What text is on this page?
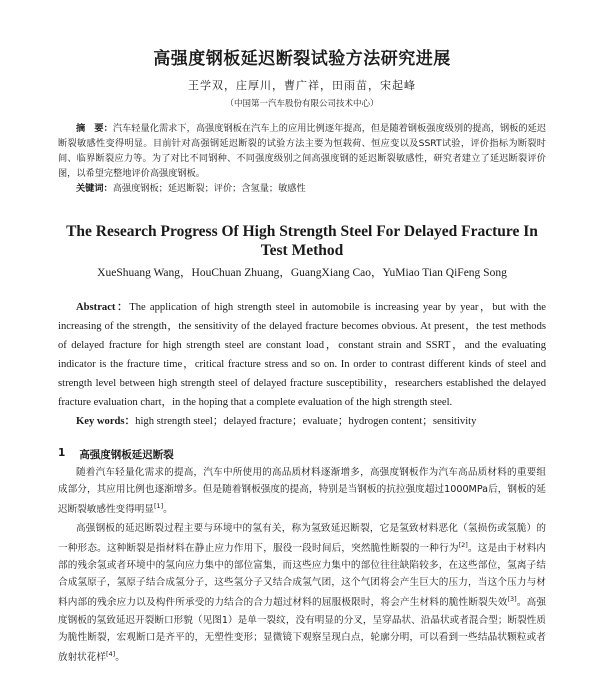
高强度钢板延迟断裂试验方法研究进展
王学双，庄厚川，曹广祥，田雨苗，宋起峰
（中国第一汽车股份有限公司技术中心）
摘　要：汽车轻量化需求下，高强度钢板在汽车上的应用比例逐年提高，但是随着钢板强度级别的提高，钢板的延迟断裂敏感性变得明显。目前针对高强钢延迟断裂的试验方法主要为恒载荷、恒应变以及SSRT试验，评价指标为断裂时间、临界断裂应力等。为了对比不同钢种、不同强度级别之间高强度钢的延迟断裂敏感性，研究者建立了延迟断裂评价图，以希望完整地评价高强度钢板。
关键词：高强度钢板；延迟断裂；评价；含氢量；敏感性
The Research Progress Of High Strength Steel For Delayed Fracture In Test Method
XueShuang Wang，HouChuan Zhuang，GuangXiang Cao，YuMiao Tian QiFeng Song
Abstract：The application of high strength steel in automobile is increasing year by year，but with the increasing of the strength，the sensitivity of the delayed fracture becomes obvious. At present，the test methods of delayed fracture for high strength steel are constant load，constant strain and SSRT，and the evaluating indicator is the fracture time，critical fracture stress and so on. In order to contrast different kinds of steel and strength level between high strength steel of delayed fracture susceptibility，researchers established the delayed fracture evaluation chart，in the hoping that a complete evaluation of the high strength steel.
Key words：high strength steel；delayed fracture；evaluate；hydrogen content；sensitivity
1 高强度钢板延迟断裂

随着汽车轻量化需求的提高，汽车中所使用的高品质材料逐渐增多，高强度钢板作为汽车高品质材料的重要组成部分，其应用比例也逐渐增多。但是随着钢板强度的提高，特别是当钢板的抗拉强度超过1000MPa后，钢板的延迟断裂敏感性变得明显[1]。

高强钢板的延迟断裂过程主要与环境中的氢有关，称为氢致延迟断裂，它是氢致材料恶化（氢损伤或氢脆）的一种形态。这种断裂是指材料在静止应力作用下，服役一段时间后，突然脆性断裂的一种行为[2]。这是由于材料内部的残余氢或者环境中的氢向应力集中的部位富集，而这些应力集中的部位往往缺陷较多，在这些部位，氢离子结合成氢原子，氢原子结合成氢分子，这些氢分子又结合成氢气团，这个气团将会产生巨大的压力，当这个压力与材料内部的残余应力以及构件所承受的力结合的合力超过材料的屈服极限时，将会产生材料的脆性断裂失效[3]。高强度钢板的氢致延迟开裂断口形貌（见图1）是单一裂纹，没有明显的分叉，呈穿晶状、沿晶状或者混合型；断裂性质为脆性断裂，宏观断口是齐平的，无塑性变形；显微镜下观察呈现白点，轮廓分明，可以看到一些结晶状颗粒或者放射状花样[4]。
